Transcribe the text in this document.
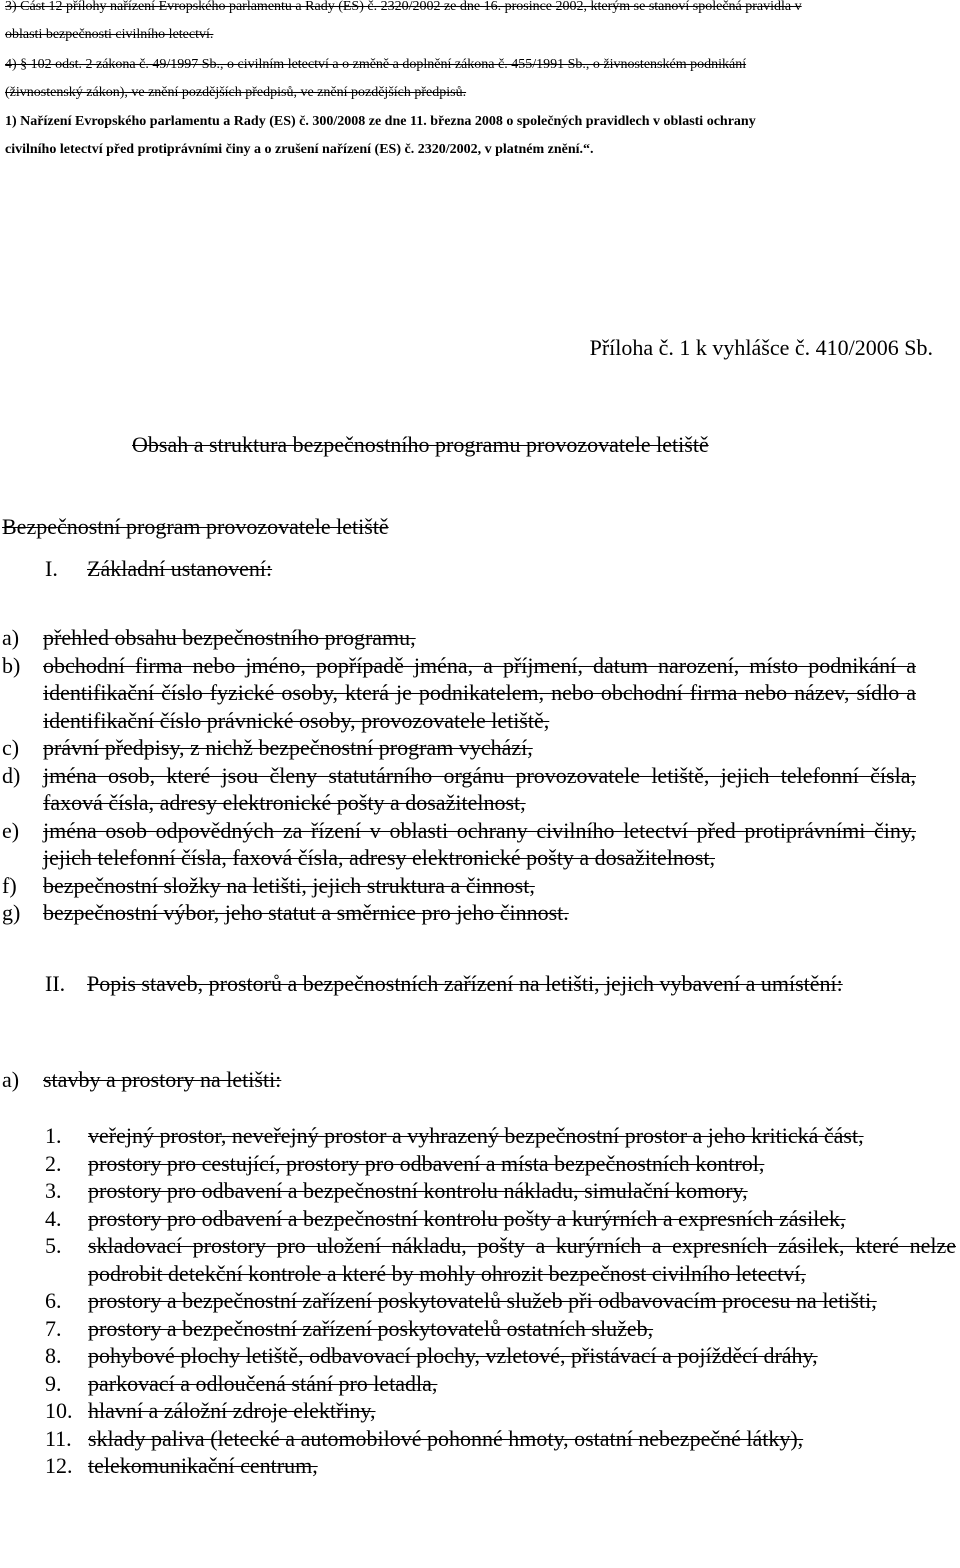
3) Část 12 přílohy nařízení Evropského parlamentu a Rady (ES) č. 2320/2002 ze dne 16. prosince 2002, kterým se stanoví společná pravidla v
oblasti bezpečnosti civilního letectví.
4) § 102 odst. 2 zákona č. 49/1997 Sb., o civilním letectví a o změně a doplnění zákona č. 455/1991 Sb., o živnostenském podnikání
(živnostenský zákon), ve znění pozdějších předpisů, ve znění pozdějších předpisů.
1) Nařízení Evropského parlamentu a Rady (ES) č. 300/2008 ze dne 11. března 2008 o společných pravidlech v oblasti ochrany
civilního letectví před protiprávními činy a o zrušení nařízení (ES) č. 2320/2002, v platném znění.“.
Příloha č. 1 k vyhlášce č. 410/2006 Sb.
Obsah a struktura bezpečnostního programu provozovatele letiště
Bezpečnostní program provozovatele letiště
I. Základní ustanovení:
a) přehled obsahu bezpečnostního programu,
b) obchodní firma nebo jméno, popřípadě jména, a příjmení, datum narození, místo podnikání a identifikační číslo fyzické osoby, která je podnikatelem, nebo obchodní firma nebo název, sídlo a identifikační číslo právnické osoby, provozovatele letiště,
c) právní předpisy, z nichž bezpečnostní program vychází,
d) jména osob, které jsou členy statutárního orgánu provozovatele letiště, jejich telefonní čísla, faxová čísla, adresy elektronické pošty a dosažitelnost,
e) jména osob odpovědných za řízení v oblasti ochrany civilního letectví před protiprávními činy, jejich telefonní čísla, faxová čísla, adresy elektronické pošty a dosažitelnost,
f) bezpečnostní složky na letišti, jejich struktura a činnost,
g) bezpečnostní výbor, jeho statut a směrnice pro jeho činnost.
II. Popis staveb, prostorů a bezpečnostních zařízení na letišti, jejich vybavení a umístění:
a) stavby a prostory na letišti:
1. veřejný prostor, neveřejný prostor a vyhrazený bezpečnostní prostor a jeho kritická část,
2. prostory pro cestující, prostory pro odbavení a místa bezpečnostních kontrol,
3. prostory pro odbavení a bezpečnostní kontrolu nákladu, simulační komory,
4. prostory pro odbavení a bezpečnostní kontrolu pošty a kurýrních a expresních zásilek,
5. skladovací prostory pro uložení nákladu, pošty a kurýrních a expresních zásilek, které nelze podrobit detekční kontrole a které by mohly ohrozit bezpečnost civilního letectví,
6. prostory a bezpečnostní zařízení poskytovatelů služeb při odbavovacím procesu na letišti,
7. prostory a bezpečnostní zařízení poskytovatelů ostatních služeb,
8. pohybové plochy letiště, odbavovací plochy, vzletové, přistávací a pojížděcí dráhy,
9. parkovací a odloučená stání pro letadla,
10. hlavní a záložní zdroje elektřiny,
11. sklady paliva (letecké a automobilové pohonné hmoty, ostatní nebezpečné látky),
12. telekomunikační centrum,
